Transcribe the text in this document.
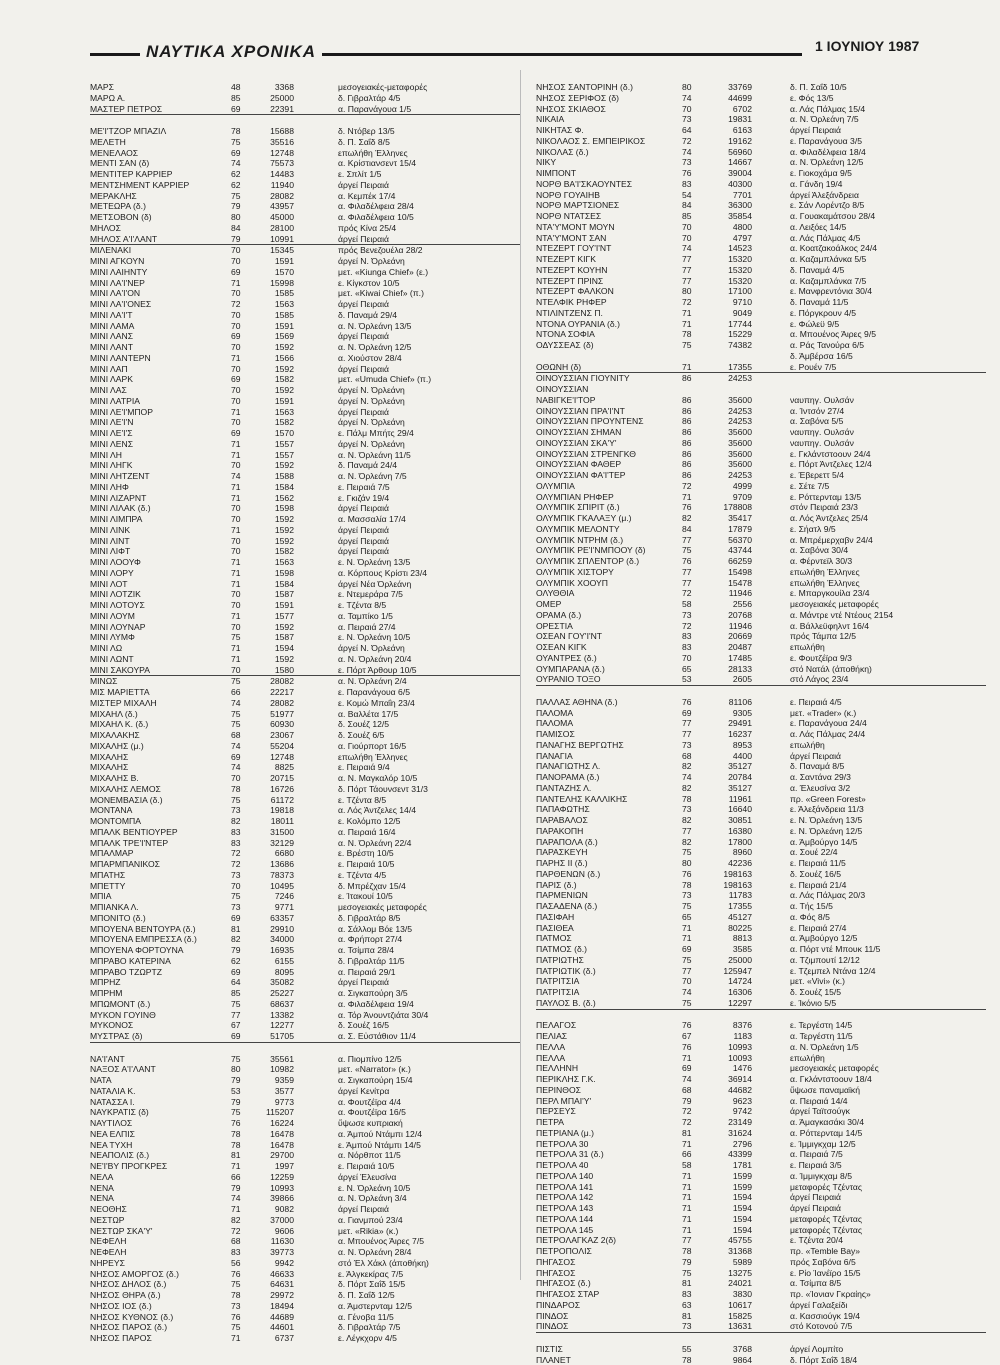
ΝΑΥΤΙΚΑ ΧΡΟΝΙΚΑ	1 ΙΟΥΝΙΟΥ 1987
ΜΑΡΣ	48	3368	μεσογειακές-μεταφορές
ΜΑΡΩ Α.	85	25000	δ. Γιβραλτάρ 4/5
ΜΑΣΤΕΡ ΠΕΤΡΟΣ	69	22391	α. Παρανάγουα 1/5
ΜΕ'Ι'ΤΖΟΡ ΜΠΑΖΙΛ	78	15688	δ. Ντόβερ 13/5
ΜΕΛΕΤΗ	75	35516	δ. Π. Σαΐδ 8/5
ΜΕΝΕΛΑΟΣ	69	12748	επωλήθη Έλληνες
ΜΕΝΤΙ ΣΑΝ (δ)	74	75573	α. Κρίστιανσεντ 15/4
ΜΕΝΤΙΤΕΡ ΚΑΡΡΙΕΡ	62	14483	ε. Σπλίτ 1/5
ΜΕΝΤΣΗΜΕΝΤ ΚΑΡΡΙΕΡ	62	11940	άργεί Πειραιά
ΜΕΡΑΚΛΗΣ	75	28082	α. Κεμπέκ 17/4
ΜΕΤΕΩΡΑ (δ.)	79	43957	α. Φιλαδέλφεια 28/4
ΜΕΤΣΟΒΟΝ (δ)	80	45000	α. Φιλαδέλφεια 10/5
ΜΗΛΟΣ	84	28100	πρός Κίνα 25/4
ΜΗΛΟΣ Α'Ι'ΛΑΝΤ	79	10991	άργεί Πειραιά
ΜΙΛΕΝΑΚΙ	70	15345	πρός Βενεζουέλα 28/2
ΜΙΝΙ ΑΓΚΟΥΝ	70	1591	άργεί Ν. Όρλεάνη
ΜΙΝΙ ΛΑΙΗΝΤΥ	69	1570	μετ. «Kiunga Chief» (ε.)
ΜΙΝΙ ΛΑ'Ι'ΝΕΡ	71	15998	ε. Κίγκστον 10/5
ΜΙΝΙ ΛΑ'Ι'ΟΝ	70	1585	μετ. «Kiwai Chief» (π.)
ΜΙΝΙ ΛΑ'Ι'ΟΝΕΣ	72	1563	άργεί Πειραιά
ΜΙΝΙ ΛΑ'Ι'Τ	70	1585	δ. Παναμά 29/4
ΜΙΝΙ ΛΑΜΑ	70	1591	α. Ν. Όρλεάνη 13/5
ΜΙΝΙ ΛΑΝΣ	69	1569	άργεί Πειραιά
ΜΙΝΙ ΛΑΝΤ	70	1592	α. Ν. Όρλεάνη 12/5
ΜΙΝΙ ΛΑΝΤΕΡΝ	71	1566	α. Χιούστον 28/4
ΜΙΝΙ ΛΑΠ	70	1592	άργεί Πειραιά
ΜΙΝΙ ΛΑΡΚ	69	1582	μετ. «Umuda Chief» (π.)
ΜΙΝΙ ΛΑΣ	70	1592	άργεί Ν. Όρλεάνη
ΜΙΝΙ ΛΑΤΡΙΑ	70	1591	άργεί Ν. Όρλεάνη
ΜΙΝΙ ΛΕ'Ι'ΜΠΟΡ	71	1563	άργεί Πειραιά
ΜΙΝΙ ΛΕ'Ι'Ν	70	1582	άργεί Ν. Όρλεάνη
ΜΙΝΙ ΛΕ'Ι'Σ	69	1570	ε. Πάλμ Μπήτς 29/4
ΜΙΝΙ ΛΕΝΣ	71	1557	άργεί Ν. Όρλεάνη
ΜΙΝΙ ΛΗ	71	1557	α. Ν. Όρλεάνη 11/5
ΜΙΝΙ ΛΗΓΚ	70	1592	δ. Παναμά 24/4
ΜΙΝΙ ΛΗΤΖΕΝΤ	74	1588	α. Ν. Όρλεάνη 7/5
ΜΙΝΙ ΛΗΦ	71	1584	ε. Πειραιά 7/5
ΜΙΝΙ ΛΙΖΑΡΝΤ	71	1562	ε. Γκιζάν 19/4
ΜΙΝΙ ΛΙΛΑΚ (δ.)	70	1598	άργεί Πειραιά
ΜΙΝΙ ΛΙΜΠΡΑ	70	1592	α. Μασσαλία 17/4
ΜΙΝΙ ΛΙΝΚ	71	1592	άργεί Πειραιά
ΜΙΝΙ ΛΙΝΤ	70	1592	άργεί Πειραιά
ΜΙΝΙ ΛΙΦΤ	70	1582	άργεί Πειραιά
ΜΙΝΙ ΛΟΟΥΦ	71	1563	ε. Ν. Όρλεάνη 13/5
ΜΙΝΙ ΛΟΡΥ	71	1598	α. Κόρπους Κρίστι 23/4
ΜΙΝΙ ΛΟΤ	71	1584	άργεί Νέα Όρλεάνη
ΜΙΝΙ ΛΟΤΖΙΚ	70	1587	ε. Ντεμεράρα 7/5
ΜΙΝΙ ΛΟΤΟΥΣ	70	1591	ε. Τζέντα 8/5
ΜΙΝΙ ΛΟΥΜ	71	1577	α. Ταμπίκο 1/5
ΜΙΝΙ ΛΟΥΝΑΡ	70	1592	α. Πειραιά 27/4
ΜΙΝΙ ΛΥΜΦ	75	1587	ε. Ν. Όρλεάνη 10/5
ΜΙΝΙ ΛΩ	71	1594	άργεί Ν. Όρλεάνη
ΜΙΝΙ ΛΩΝΤ	71	1592	α. Ν. Όρλεάνη 20/4
ΜΙΝΙ ΣΑΚΟΥΡΑ	70	1580	ε. Πόρτ Άρθουρ 10/5
ΜΙΝΩΣ	75	28082	α. Ν. Όρλεάνη 2/4
ΜΙΣ ΜΑΡΙΕΤΤΑ	66	22217	ε. Παρανάγουα 6/5
ΜΙΣΤΕΡ ΜΙΧΑΛΗ	74	28082	ε. Κομώ Μπαΐη 23/4
ΜΙΧΑΗΛ (δ.)	75	51977	α. Βαλλέτα 17/5
ΜΙΧΑΗΛ Κ. (δ.)	75	60930	δ. Σουέζ 12/5
ΜΙΧΑΛΑΚΗΣ	68	23067	δ. Σουέζ 6/5
ΜΙΧΑΛΗΣ (μ.)	74	55204	α. Γιούρπορτ 16/5
ΜΙΧΑΛΗΣ	69	12748	επωλήθη Έλληνες
ΜΙΧΑΛΗΣ	74	8825	ε. Πειραιά 9/4
ΜΙΧΑΛΗΣ Β.	70	20715	α. Ν. Μαγκαλόρ 10/5
ΜΙΧΑΛΗΣ ΛΕΜΟΣ	78	16726	δ. Πόρτ Τάουνσεντ 31/3
ΜΟΝΕΜΒΑΣΙΑ (δ.)	75	61172	ε. Τζέντα 8/5
ΜΟΝΤΑΝΑ	73	19818	α. Λός Άντζελες 14/4
ΜΟΝΤΟΜΠΑ	82	18011	ε. Κολόμπο 12/5
ΜΠΑΛΚ ΒΕΝΤΙΟΥΡΕΡ	83	31500	α. Πειραιά 16/4
ΜΠΑΛΚ ΤΡΕ'Ι'ΝΤΕΡ	83	32129	α. Ν. Όρλεάνη 22/4
ΜΠΑΛΜΑΡ	72	6680	ε. Βρέστη 10/5
ΜΠΑΡΜΠΑΝΙΚΟΣ	72	13686	ε. Πειραιά 10/5
ΜΠΑΤΗΣ	73	78373	ε. Τζέντα 4/5
ΜΠΕΤΤΥ	70	10495	δ. Μπρέζχαν 15/4
ΜΠΙΑ	75	7246	ε. Ίτακουί 10/5
ΜΠΙΑΝΚΑ Λ.	73	9771	μεσογειακές μεταφορές
ΜΠΟΝΙΤΟ (δ.)	69	63357	δ. Γιβραλτάρ 8/5
ΜΠΟΥΕΝΑ ΒΕΝΤΟΥΡΑ (δ.)	81	29910	α. Σάλλομ Βόε 13/5
ΜΠΟΥΕΝΑ ΕΜΠΡΕΣΣΑ (δ.)	82	34000	α. Φρήπορτ 27/4
ΜΠΟΥΕΝΑ ΦΟΡΤΟΥΝΑ	79	16935	α. Τσίμπα 28/4
ΜΠΡΑΒΟ ΚΑΤΕΡΙΝΑ	62	6155	δ. Γιβραλτάρ 11/5
ΜΠΡΑΒΟ ΤΖΩΡΤΖ	69	8095	α. Πειραιά 29/1
ΜΠΡΗΖ	64	35082	άργεί Πειραιά
ΜΠΡΗΜ	85	25227	α. Σιγκαπούρη 3/5
ΜΠΩΜΟΝΤ (δ.)	75	68637	α. Φιλαδέλφεια 19/4
ΜΥΚΟΝ ΓΟΥΙΝΘ	77	13382	α. Τόρ Άνουντζιάτα 30/4
ΜΥΚΟΝΟΣ	67	12277	δ. Σουέζ 16/5
ΜΥΣΤΡΑΣ (δ)	69	51705	α. Σ. Εὐστάθιον 11/4
ΝΑ'Ι'ΑΝΤ	75	35561	α. Πιομπίνο 12/5
ΝΑΞΟΣ Α'Ι'ΛΑΝΤ	80	10982	μετ. «Narrator» (κ.)
ΝΑΤΑ	79	9359	α. Σιγκαπούρη 15/4
ΝΑΤΑΛΙΑ Κ.	53	3577	άργεί Κενίτρα
ΝΑΤΑΣΣΑ Ι.	79	9773	α. Φουτζέϊρα 4/4
ΝΑΥΚΡΑΤΙΣ (δ)	75	115207	α. Φουτζέϊρα 16/5
ΝΑΥΤΙΛΟΣ	76	16224	ὕψωσε κυπριακή
ΝΕΑ ΕΛΠΙΣ	78	16478	α. Άμπού Ντάμπι 12/4
ΝΕΑ ΤΥΧΗ	78	16478	ε. Άμπού Ντάμπι 14/5
ΝΕΑΠΟΛΙΣ (δ.)	81	29700	α. Νόρθποτ 11/5
ΝΕ'Ι'ΒΥ ΠΡΟΓΚΡΕΣ	71	1997	ε. Πειραιά 10/5
ΝΕΛΑ	66	12259	άργεί Έλευσίνα
ΝΕΝΑ	79	10993	ε. Ν. Όρλεάνη 10/5
ΝΕΝΑ	74	39866	α. Ν. Όρλεάνη 3/4
ΝΕΟΘΗΣ	71	9082	άργεί Πειραιά
ΝΕΣΤΩΡ	82	37000	α. Γιανμπού 23/4
ΝΕΣΤΩΡ ΣΚΑ'Υ'	72	9606	μετ. «Rikia» (κ.)
ΝΕΦΕΛΗ	68	11630	α. Μπουένος Άιρες 7/5
ΝΕΦΕΛΗ	83	39773	α. Ν. Όρλεάνη 28/4
ΝΗΡΕΥΣ	56	9942	στό Έλ Χάκλ (άποθήκη)
ΝΗΣΟΣ ΑΜΟΡΓΟΣ (δ.)	76	46633	ε. Άλγκεκίρας 7/5
ΝΗΣΟΣ ΔΗΛΟΣ (δ.)	75	64631	δ. Πόρτ Σαΐδ 15/5
ΝΗΣΟΣ ΘΗΡΑ (δ.)	78	29972	δ. Π. Σαΐδ 12/5
ΝΗΣΟΣ ΙΟΣ (δ.)	73	18494	α. Άμστερνταμ 12/5
ΝΗΣΟΣ ΚΥΘΝΟΣ (δ.)	76	44689	α. Γένοβα 11/5
ΝΗΣΟΣ ΠΑΡΟΣ (δ.)	75	44601	δ. Γιβραλτάρ 7/5
ΝΗΣΟΣ ΠΑΡΟΣ	71	6737	ε. Λέγκχορν 4/5
ΝΗΣΟΣ ΣΑΝΤΟΡΙΝΗ (δ.)	80	33769	δ. Π. Σαΐδ 10/5
ΝΗΣΟΣ ΣΕΡΙΦΟΣ (δ)	74	44699	ε. Φός 13/5
ΝΗΣΟΣ ΣΚΙΑΘΟΣ	70	6702	α. Λάς Πάλμας 15/4
ΝΙΚΑΙΑ	73	19831	α. Ν. Όρλεάνη 7/5
ΝΙΚΗΤΑΣ Φ.	64	6163	άργεί Πειραιά
ΝΙΚΟΛΑΟΣ Σ. ΕΜΠΕΙΡΙΚΟΣ	72	19162	ε. Παρανάγουα 3/5
ΝΙΚΟΛΑΣ (δ.)	74	56960	α. Φιλαδέλφεια 18/4
ΝΙΚΥ	73	14667	α. Ν. Όρλεάνη 12/5
ΝΙΜΠΟΝΤ	76	39004	ε. Γιοκοχάμα 9/5
ΝΟΡΘ ΒΑ'Ι'ΣΚΑΟΥΝΤΕΣ	83	40300	α. Γάνδη 19/4
ΝΟΡΘ ΓΟΥΑΙΗΒ	54	7701	άργεί Άλεξάνδρεια
ΝΟΡΘ ΜΑΡΤΣΙΟΝΕΣ	84	36300	ε. Σάν Λορέντζο 8/5
ΝΟΡΘ ΝΤΑΤΣΕΣ	85	35854	α. Γουακαμάτσου 28/4
ΝΤΑ'Υ'ΜΟΝΤ ΜΟΥΝ	70	4800	α. Λειξόες 14/5
ΝΤΑ'Υ'ΜΟΝΤ ΣΑΝ	70	4797	α. Λάς Πάλμας 4/5
ΝΤΕΖΕΡΤ ΓΟΥ'Ι'ΝΤ	74	14523	α. Κοατζακοάλκος 24/4
ΝΤΕΖΕΡΤ ΚΙΓΚ	77	15320	α. Καζαμπλάνκα 5/5
ΝΤΕΖΕΡΤ ΚΟΥΗΝ	77	15320	δ. Παναμά 4/5
ΝΤΕΖΕΡΤ ΠΡΙΝΣ	77	15320	α. Καζαμπλάνκα 7/5
ΝΤΕΖΕΡΤ ΦΑΛΚΟΝ	80	17100	ε. Μανφρεντόνια 30/4
ΝΤΕΛΦΙΚ ΡΗΦΕΡ	72	9710	δ. Παναμά 11/5
ΝΤΙΛΙΝΤΖΕΝΣ Π.	71	9049	ε. Πόργκρουν 4/5
ΝΤΟΝΑ ΟΥΡΑΝΙΑ (δ.)	71	17744	ε. Φώλεϋ 9/5
ΝΤΟΝΑ ΣΟΦΙΑ	78	15229	α. Μπουένος Άιρες 9/5
ΟΔΥΣΣΕΑΣ (δ)	75	74382	α. Ράς Τανούρα 6/5
δ. Άμβέρσα 16/5
ΟΘΩΝΗ (δ)	71	17355	ε. Ρουέν 7/5
ΟΙΝΟΥΣΣΙΑΝ ΓΙΟΥΝΙΤΥ	86	24253
ΟΙΝΟΥΣΣΙΑΝ
ΝΑΒΙΓΚΕ'Ι'ΤΟΡ	86	35600	ναυπηγ. Ουλσάν
ΟΙΝΟΥΣΣΙΑΝ ΠΡΑ'Ι'ΝΤ	86	24253	α. Ίντσόν 27/4
ΟΙΝΟΥΣΣΙΑΝ ΠΡΟΥΝΤΕΝΣ	86	24253	α. Σαβόνα 5/5
ΟΙΝΟΥΣΣΙΑΝ ΣΗΜΑΝ	86	35600	ναυπηγ. Ουλσάν
ΟΙΝΟΥΣΣΙΑΝ ΣΚΑ'Υ'	86	35600	ναυπηγ. Ουλσάν
ΟΙΝΟΥΣΣΙΑΝ ΣΤΡΕΝΓΚΘ	86	35600	ε. Γκλάντστοουν 24/4
ΟΙΝΟΥΣΣΙΑΝ ΦΑΘΕΡ	86	35600	ε. Πόρτ Άντζελες 12/4
ΟΙΝΟΥΣΣΙΑΝ ΦΑ'Ι'ΤΕΡ	86	24253	ε. Έβερεττ 5/4
ΟΛΥΜΠΙΑ	72	4999	ε. Σέτε 7/5
ΟΛΥΜΠΙΑΝ ΡΗΦΕΡ	71	9709	ε. Ρόττερνταμ 13/5
ΟΛΥΜΠΙΚ ΣΠΙΡΙΤ (δ.)	76	178808	στόν Πειραιά 23/3
ΟΛΥΜΠΙΚ ΓΚΑΛΑΞΥ (μ.)	82	35417	α. Λός Άντζελες 25/4
ΟΛΥΜΠΙΚ ΜΕΛΟΝΤΥ	84	17879	ε. Σήατλ 9/5
ΟΛΥΜΠΙΚ ΝΤΡΗΜ (δ.)	77	56370	α. Μπρέμερχαβν 24/4
ΟΛΥΜΠΙΚ ΡΕ'Ι'ΝΜΠΟΟΥ (δ)	75	43744	α. Σαβόνα 30/4
ΟΛΥΜΠΙΚ ΣΠΛΕΝΤΟΡ (δ.)	76	66259	α. Φέρντεϊλ 30/3
ΟΛΥΜΠΙΚ ΧΙΣΤΟΡΥ	77	15498	επωλήθη Έλληνες
ΟΛΥΜΠΙΚ ΧΟΟΥΠ	77	15478	επωλήθη Έλληνες
ΟΛΥΘΘΙΑ	72	11946	ε. Μπαργκουίλα 23/4
ΟΜΕΡ	58	2556	μεσογειακές μεταφορές
ΟΡΑΜΑ (δ.)	73	20768	α. Μάντρε ντέ Ντέους 2154
ΟΡΕΣΤΙΑ	72	11946	α. Βάλλεϋφηλντ 16/4
ΟΣΕΑΝ ΓΟΥ'Ι'ΝΤ	83	20669	πρός Τάμπα 12/5
ΟΣΕΑΝ ΚΙΓΚ	83	20487	επωλήθη
ΟΥΑΝΤΡΕΣ (δ.)	70	17485	ε. Φουτζέϊρα 9/3
ΟΥΜΠΑΡΑΝΑ (δ.)	65	28133	στό Νατάλ (άποθήκη)
ΟΥΡΑΝΙΟ ΤΟΞΟ	53	2605	στό Λάγος 23/4
ΠΑΛΛΑΣ ΑΘΗΝΑ (δ.)	76	81106	ε. Πειραιά 4/5
ΠΑΛΟΜΑ	69	9305	μετ. «Trader» (κ.)
ΠΑΛΟΜΑ	77	29491	ε. Παρανάγουα 24/4
ΠΑΜΙΣΟΣ	77	16237	α. Λάς Πάλμας 24/4
ΠΑΝΑΓΗΣ ΒΕΡΓΩΤΗΣ	73	8953	επωλήθη
ΠΑΝΑΓΙΑ	68	4400	άργεί Πειραιά
ΠΑΝΑΓΙΩΤΗΣ Λ.	82	35127	δ. Παναμά 8/5
ΠΑΝΟΡΑΜΑ (δ.)	74	20784	α. Σαντάνα 29/3
ΠΑΝΤΑΖΗΣ Λ.	82	35127	α. Έλευσίνα 3/2
ΠΑΝΤΕΛΗΣ ΚΑΛΛΙΚΗΣ	78	11961	πρ. «Green Forest»
ΠΑΠΑΦΩΤΗΣ	73	16640	ε. Άλεξάνδρεια 11/3
ΠΑΡΑΒΑΛΟΣ	82	30851	ε. Ν. Όρλεάνη 13/5
ΠΑΡΑΚΟΠΗ	77	16380	ε. Ν. Όρλεάνη 12/5
ΠΑΡΑΠΟΛΑ (δ.)	82	17800	α. Άμβούργο 14/5
ΠΑΡΑΣΚΕΥΗ	75	8960	α. Σουέ 22/4
ΠΑΡΗΣ ΙΙ (δ.)	80	42236	ε. Πειραιά 11/5
ΠΑΡΘΕΝΩΝ (δ.)	76	198163	δ. Σουέζ 16/5
ΠΑΡΙΣ (δ.)	78	198163	ε. Πειραιά 21/4
ΠΑΡΜΕΝΙΩΝ	73	11783	α. Λάς Πάλμας 20/3
ΠΑΣΑΔΕΝΑ (δ.)	75	17355	α. Τής 15/5
ΠΑΣΙΦΑΗ	65	45127	α. Φός 8/5
ΠΑΣΙΘΕΑ	71	80225	ε. Πειραιά 27/4
ΠΑΤΜΟΣ	71	8813	α. Άμβούργο 12/5
ΠΑΤΜΟΣ (δ.)	69	3585	α. Πόρτ ντέ Μπουκ 11/5
ΠΑΤΡΙΩΤΗΣ	75	25000	α. Τζιμπουτί 12/12
ΠΑΤΡΙΩΤΙΚ (δ.)	77	125947	ε. Τζεμπελ Ντάνα 12/4
ΠΑΤΡΙΤΣΙΑ	70	14724	μετ. «Vivi» (κ.)
ΠΑΤΡΙΤΣΙΑ	74	16306	δ. Σουέζ 15/5
ΠΑΥΛΟΣ Β. (δ.)	75	12297	ε. Ίκόνιο 5/5
ΠΕΛΑΓΟΣ	76	8376	ε. Τεργέστη 14/5
ΠΕΛΙΑΣ	67	1183	α. Τεργέστη 11/5
ΠΕΛΛΑ	76	10993	α. Ν. Όρλεάνη 1/5
ΠΕΛΛΑ	71	10093	επωλήθη
ΠΕΛΛΗΝΗ	69	1476	μεσογειακές μεταφορές
ΠΕΡΙΚΛΗΣ Γ.Κ.	74	36914	α. Γκλάντστοουν 18/4
ΠΕΡΙΝΘΟΣ	68	44682	ὕψωσε παναμαϊκή
ΠΕΡΛ ΜΠΑΙ'Υ'	79	9623	α. Πειραιά 14/4
ΠΕΡΣΕΥΣ	72	9742	άργεί Ταϊτσούγκ
ΠΕΤΡΑ	72	23149	α. Άμαγκασάκι 30/4
ΠΕΤΡΙΑΝΑ (μ.)	81	31624	α. Ρόττερνταμ 14/5
ΠΕΤΡΟΛΑ 30	71	2796	ε. Ίμμιγκχαμ 12/5
ΠΕΤΡΟΛΑ 31 (δ.)	66	43399	α. Πειραιά 7/5
ΠΕΤΡΟΛΑ 40	58	1781	ε. Πειραιά 3/5
ΠΕΤΡΟΛΑ 140	71	1599	α. Ίμμιγκχαμ 8/5
ΠΕΤΡΟΛΑ 141	71	1599	μεταφορές Τζέντας
ΠΕΤΡΟΛΑ 142	71	1594	άργεί Πειραιά
ΠΕΤΡΟΛΑ 143	71	1594	άργεί Πειραιά
ΠΕΤΡΟΛΑ 144	71	1594	μεταφορές Τζέντας
ΠΕΤΡΟΛΑ 145	71	1594	μεταφορές Τζέντας
ΠΕΤΡΟΛΑΓΚΑΖ 2(δ)	77	45755	ε. Τζέντα 20/4
ΠΕΤΡΟΠΟΛΙΣ	78	31368	πρ. «Temble Bay»
ΠΗΓΑΣΟΣ	79	5989	πρός Σαβόνα 6/5
ΠΗΓΑΣΟΣ	75	13275	ε. Ρίο Ίανέϊρο 15/5
ΠΗΓΑΣΟΣ (δ.)	81	24021	α. Τσίμπα 8/5
ΠΗΓΑΣΟΣ ΣΤΑΡ	83	3830	πρ. «Ίονιαν Γκραίης»
ΠΙΝΔΑΡΟΣ	63	10617	άργεί Γαλαξείδι
ΠΙΝΔΟΣ	81	15825	α. Κασσιούγκ 19/4
ΠΙΝΔΟΣ	73	13631	στό Κοτονού 7/5
ΠΙΣΤΙΣ	55	3768	άργεί Λομπίτο
ΠΛΑΝΕΤ	78	9864	δ. Πόρτ Σαΐδ 18/4
